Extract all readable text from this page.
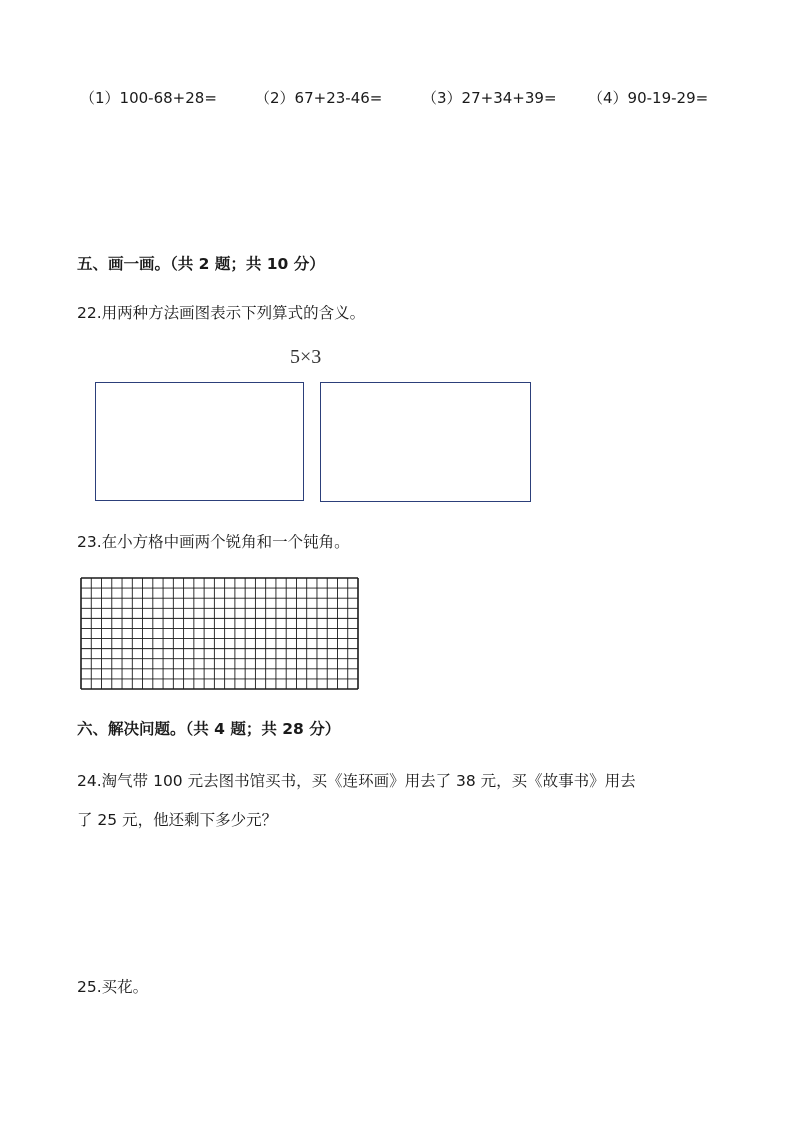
（1）100-68+28=	（2）67+23-46=	（3）27+34+39= （4）90-19-29=
五、画一画。（共 2 题；共 10 分）
22.用两种方法画图表示下列算式的含义。
5×3
23.在小方格中画两个锐角和一个钝角。
六、解决问题。（共 4 题；共 28 分）
24.淘气带 100 元去图书馆买书，买《连环画》用去了 38 元，买《故事书》用去
了 25 元，他还剩下多少元？
25.买花。
